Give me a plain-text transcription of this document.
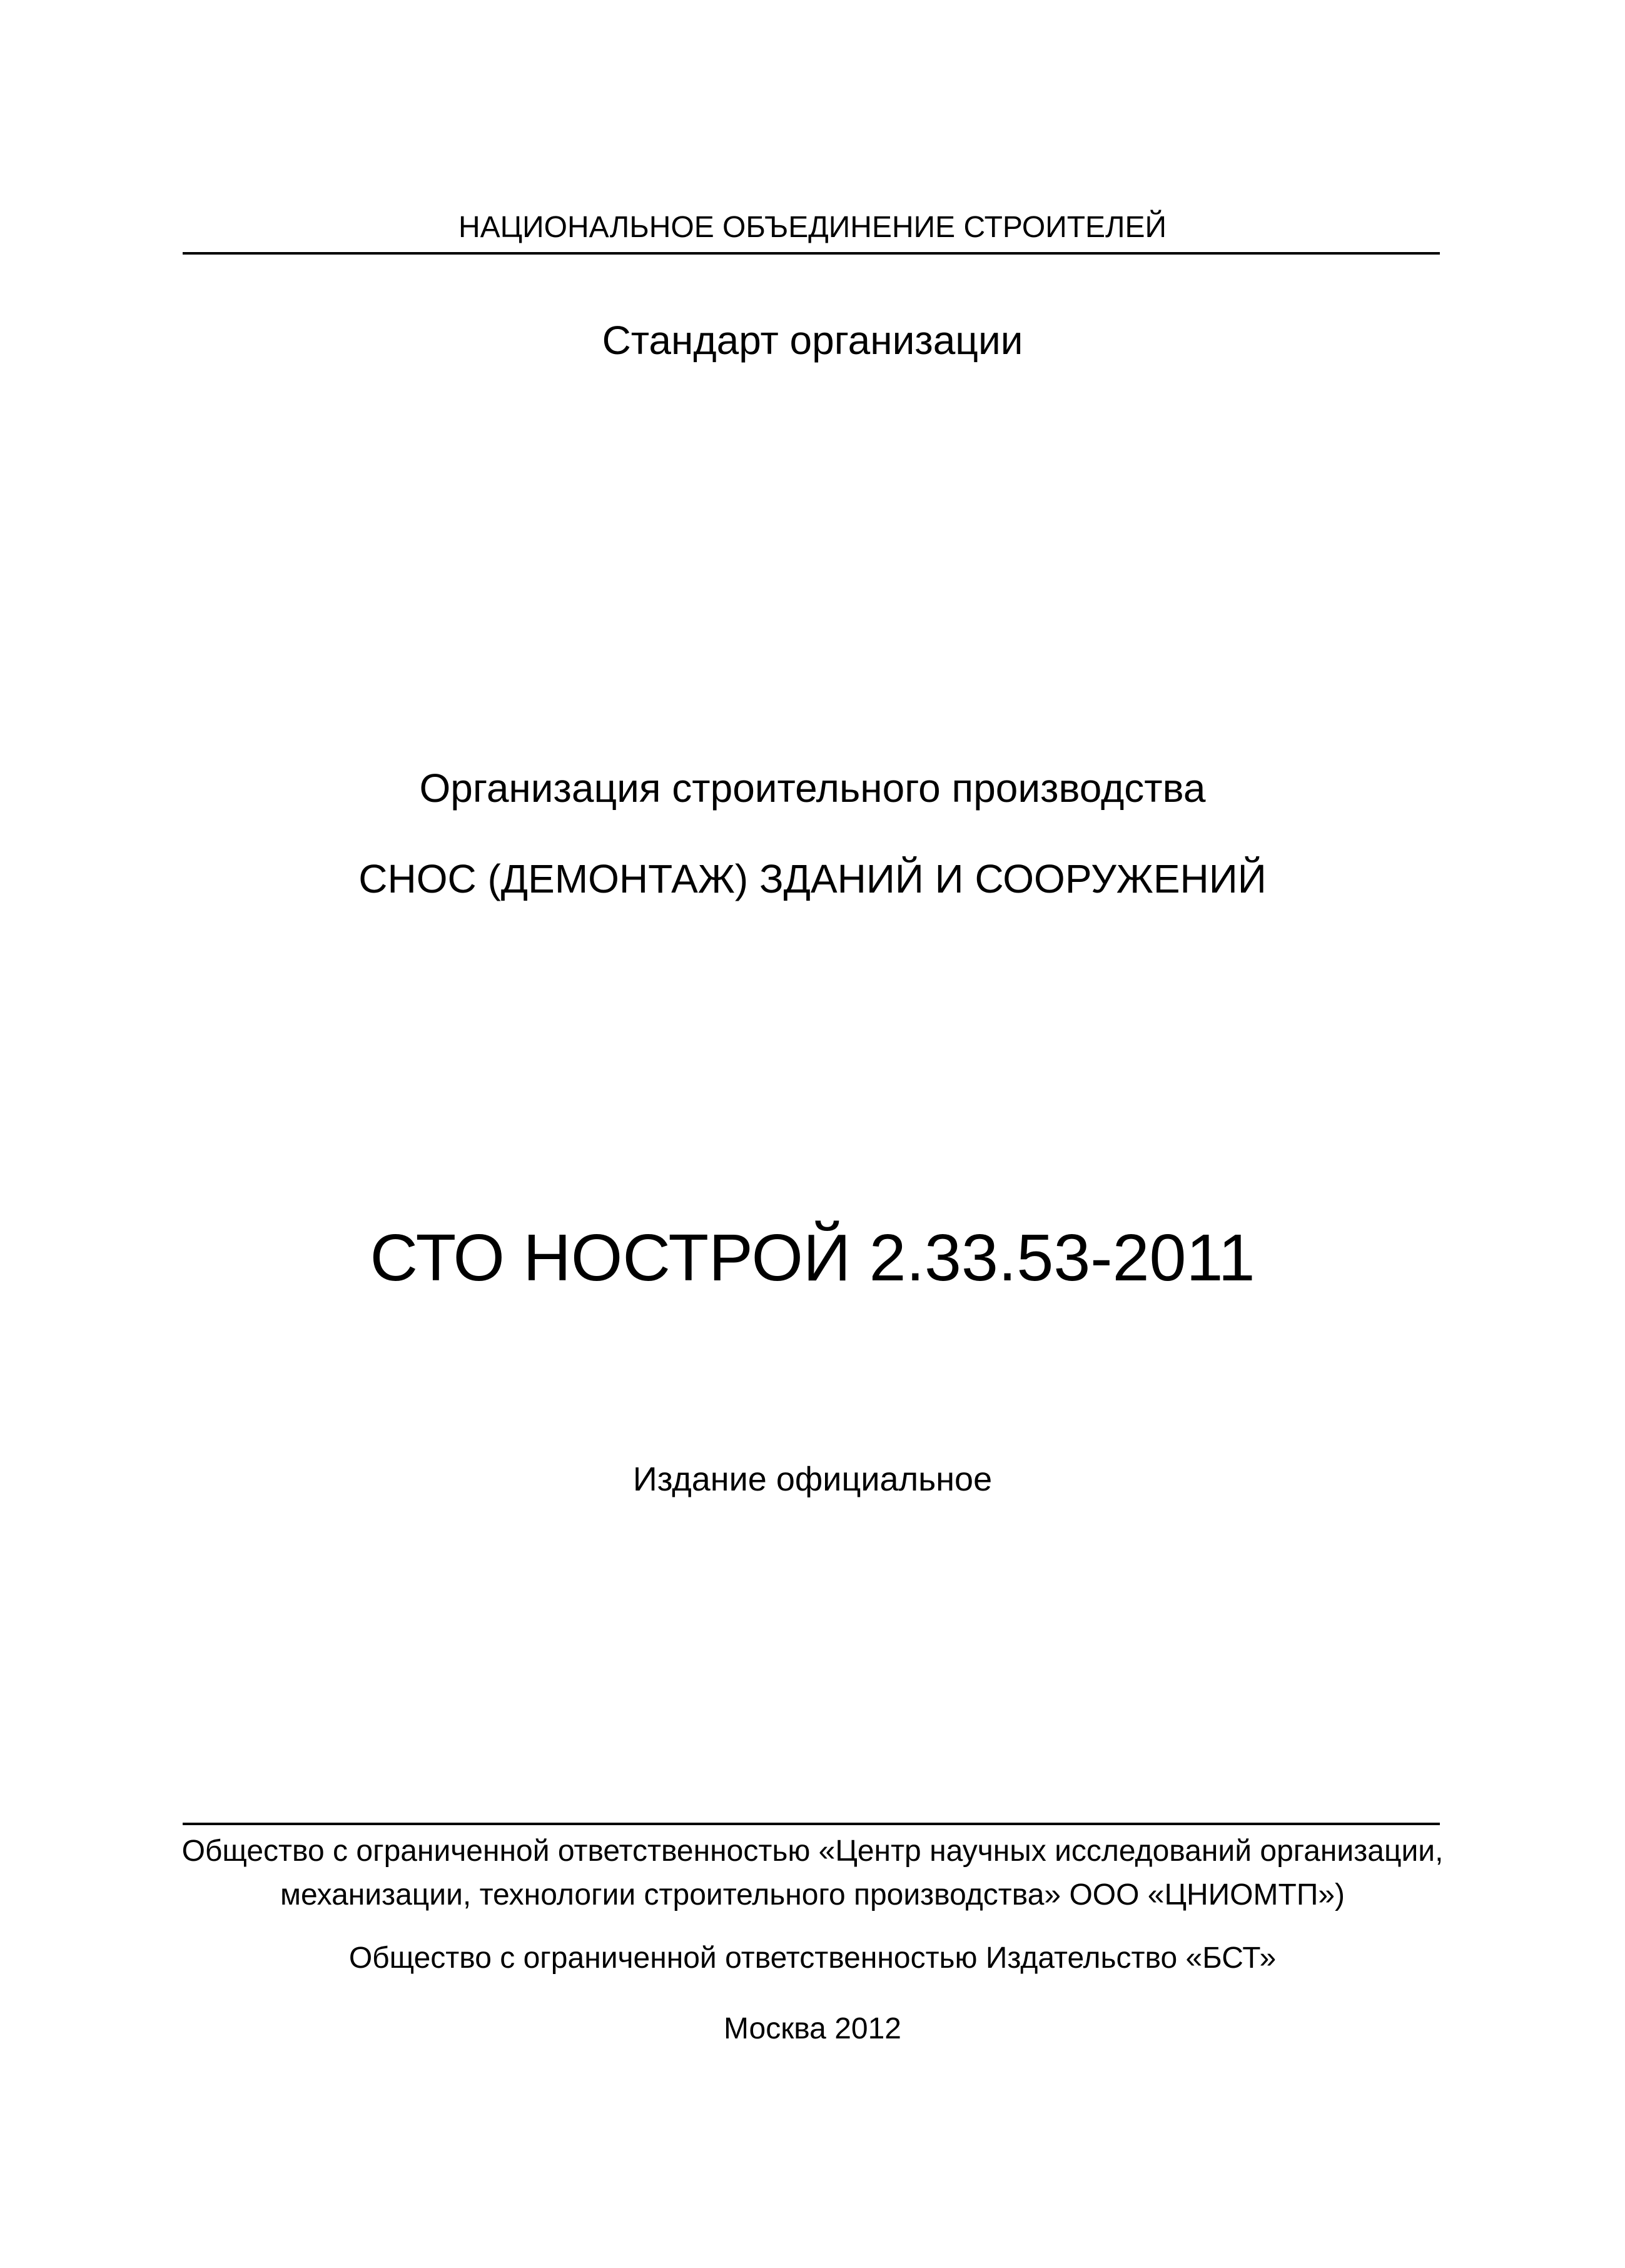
НАЦИОНАЛЬНОЕ ОБЪЕДИНЕНИЕ СТРОИТЕЛЕЙ
Стандарт организации
Организация строительного производства
СНОС (ДЕМОНТАЖ) ЗДАНИЙ И СООРУЖЕНИЙ
СТО НОСТРОЙ 2.33.53-2011
Издание официальное
Общество с ограниченной ответственностью «Центр научных исследований организации,
механизации, технологии строительного производства» ООО «ЦНИОМТП»)
Общество с ограниченной ответственностью Издательство «БСТ»
Москва 2012
